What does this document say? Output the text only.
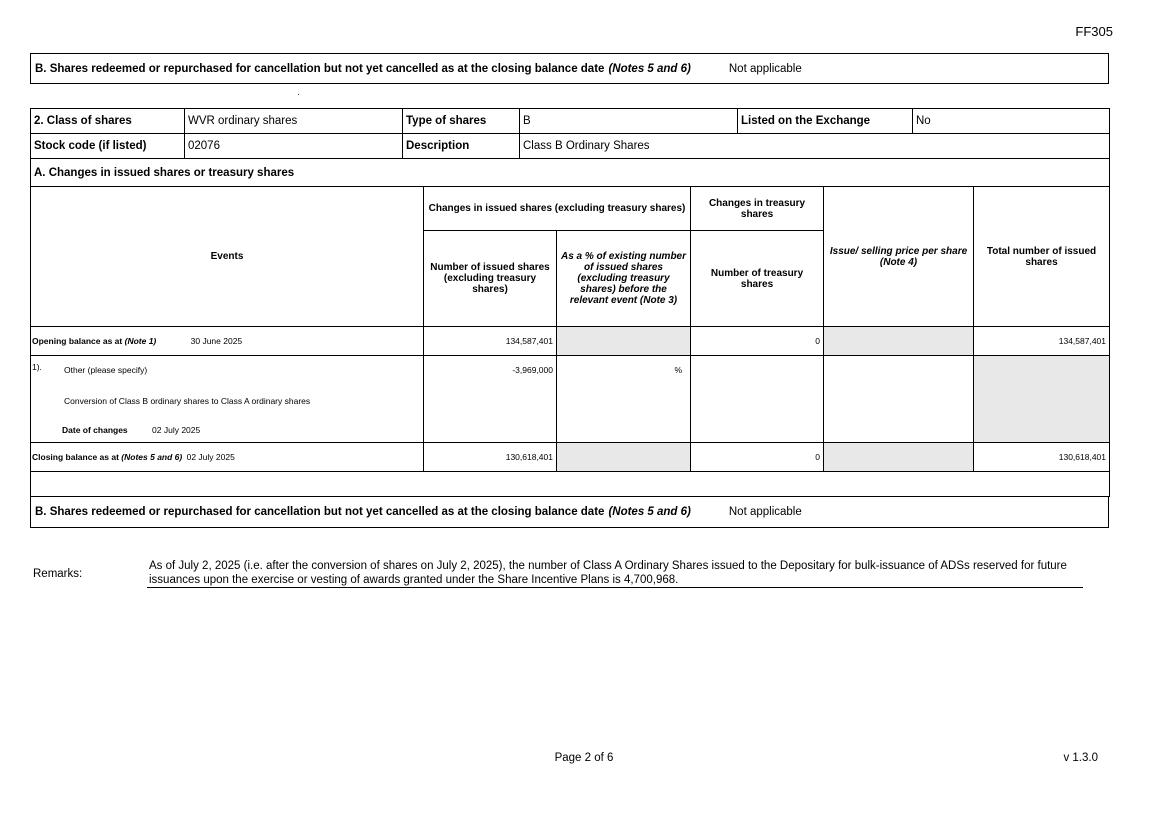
FF305
B. Shares redeemed or repurchased for cancellation but not yet cancelled as at the closing balance date (Notes 5 and 6)	Not applicable
2. Class of shares	WVR ordinary shares	Type of shares	B	Listed on the Exchange	No
Stock code (if listed)	02076	Description	Class B Ordinary Shares		
A. Changes in issued shares or treasury shares					
Events	Changes in issued shares (excluding treasury shares)		Changes in treasury shares	Issue/ selling price per share (Note 4)	Total number of issued shares
	Number of issued shares (excluding treasury shares)	As a % of existing number of issued shares (excluding treasury shares) before the relevant event (Note 3)	Number of treasury shares		
Opening balance as at (Note 1) 30 June 2025	134,587,401		0		134,587,401

1). Other (please specify)
Conversion of Class B ordinary shares to Class A ordinary shares
Date of changes 02 July 2025	-3,969,000	%			
Closing balance as at (Notes 5 and 6) 02 July 2025	130,618,401		0		130,618,401

B. Shares redeemed or repurchased for cancellation but not yet cancelled as at the closing balance date (Notes 5 and 6)	Not applicable
Remarks:
As of July 2, 2025 (i.e. after the conversion of shares on July 2, 2025), the number of Class A Ordinary Shares issued to the Depositary for bulk-issuance of ADSs reserved for future issuances upon the exercise or vesting of awards granted under the Share Incentive Plans is 4,700,968.
Page 2 of 6	v 1.3.0
